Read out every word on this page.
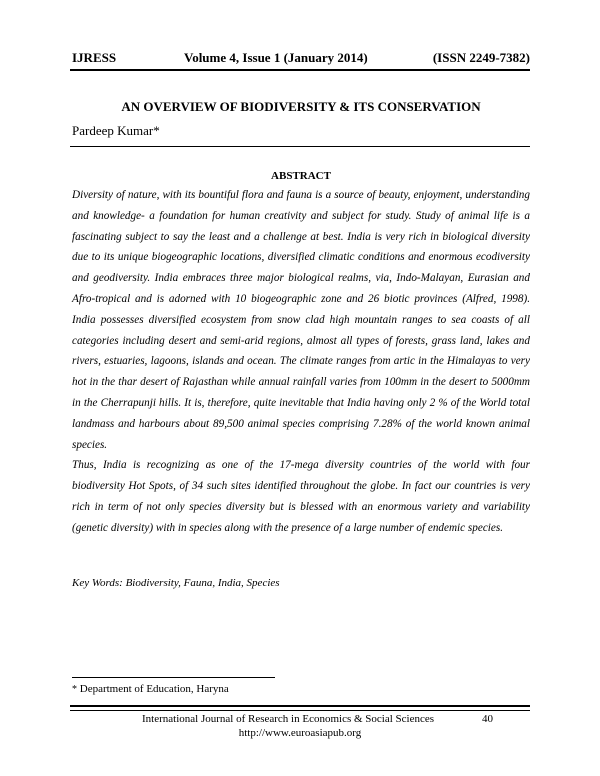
IJRESS	Volume 4, Issue 1 (January 2014)	(ISSN 2249-7382)
AN OVERVIEW OF BIODIVERSITY & ITS CONSERVATION
Pardeep Kumar*
ABSTRACT

Diversity of nature, with its bountiful flora and fauna is a source of beauty, enjoyment, understanding and knowledge- a foundation for human creativity and subject for study. Study of animal life is a fascinating subject to say the least and a challenge at best. India is very rich in biological diversity due to its unique biogeographic locations, diversified climatic conditions and enormous ecodiversity and geodiversity. India embraces three major biological realms, via, Indo-Malayan, Eurasian and Afro-tropical and is adorned with 10 biogeographic zone and 26 biotic provinces (Alfred, 1998). India possesses diversified ecosystem from snow clad high mountain ranges to sea coasts of all categories including desert and semi-arid regions, almost all types of forests, grass land, lakes and rivers, estuaries, lagoons, islands and ocean. The climate ranges from artic in the Himalayas to very hot in the thar desert of Rajasthan while annual rainfall varies from 100mm in the desert to 5000mm in the Cherrapunji hills. It is, therefore, quite inevitable that India having only 2 % of the World total landmass and harbours about 89,500 animal species comprising 7.28% of the world known animal species.

Thus, India is recognizing as one of the 17-mega diversity countries of the world with four biodiversity Hot Spots, of 34 such sites identified throughout the globe. In fact our countries is very rich in term of not only species diversity but is blessed with an enormous variety and variability (genetic diversity) with in species along with the presence of a large number of endemic species.

Key Words: Biodiversity, Fauna, India, Species
* Department of Education, Haryna
International Journal of Research in Economics & Social Sciences	40
http://www.euroasiapub.org
